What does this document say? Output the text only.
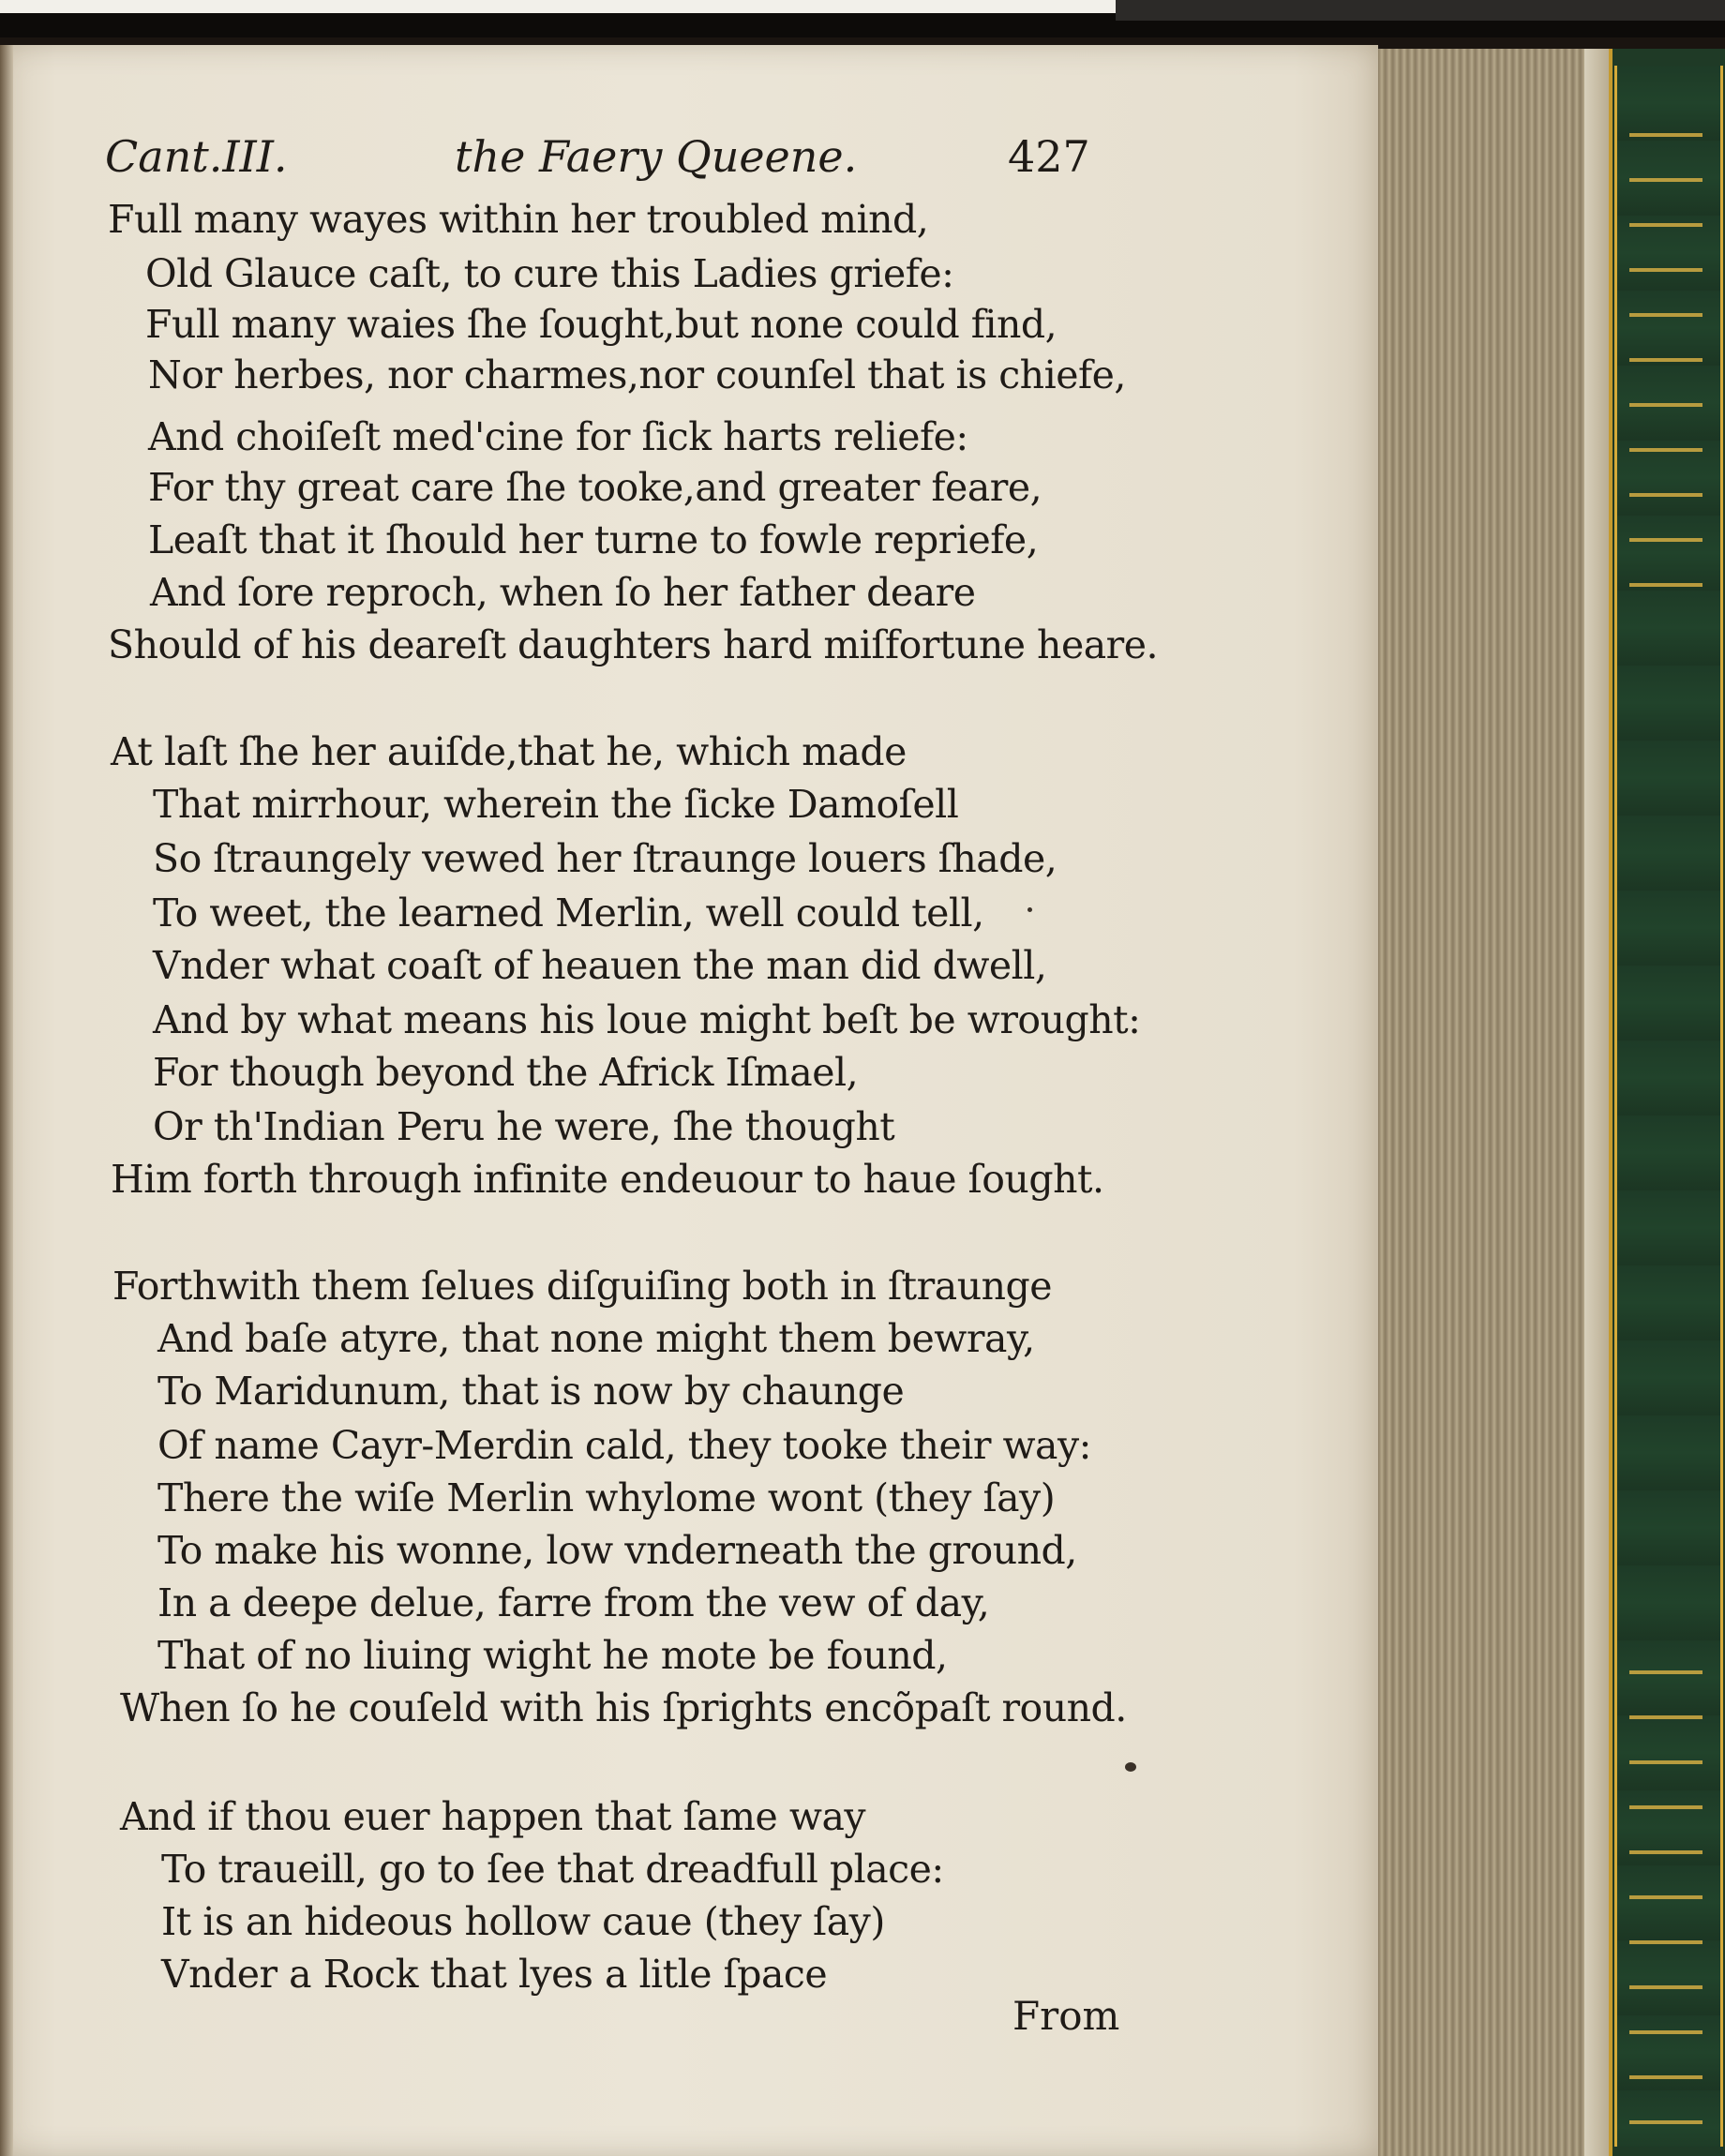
Cant.III.	the Faery Queene.	427
Full many wayes within her troubled mind,
Old Glauce caſt, to cure this Ladies griefe:
Full many waies ſhe ſought,but none could find,
Nor herbes, nor charmes,nor counſel that is chiefe,
And choiſeſt med'cine for ſick harts reliefe:
For thy great care ſhe tooke,and greater feare,
Leaſt that it ſhould her turne to fowle repriefe,
And ſore reproch, when ſo her father deare
Should of his deareſt daughters hard miſfortune heare.
At laſt ſhe her auiſde,that he, which made
That mirrhour, wherein the ſicke Damoſell
So ſtraungely vewed her ſtraunge louers ſhade,
To weet, the learned Merlin, well could tell,
Vnder what coaſt of heauen the man did dwell,
And by what means his loue might beſt be wrought:
For though beyond the Africk Iſmael,
Or th'Indian Peru he were, ſhe thought
Him forth through infinite endeuour to haue ſought.
Forthwith them ſelues diſguiſing both in ſtraunge
And baſe atyre, that none might them bewray,
To Maridunum, that is now by chaunge
Of name Cayr-Merdin cald, they tooke their way:
There the wiſe Merlin whylome wont (they ſay)
To make his wonne, low vnderneath the ground,
In a deepe delue, farre from the vew of day,
That of no liuing wight he mote be found,
When ſo he couſeld with his ſprights encõpaſt round.
And if thou euer happen that ſame way
To traueill, go to ſee that dreadfull place:
It is an hideous hollow caue (they ſay)
Vnder a Rock that lyes a litle ſpace
From
